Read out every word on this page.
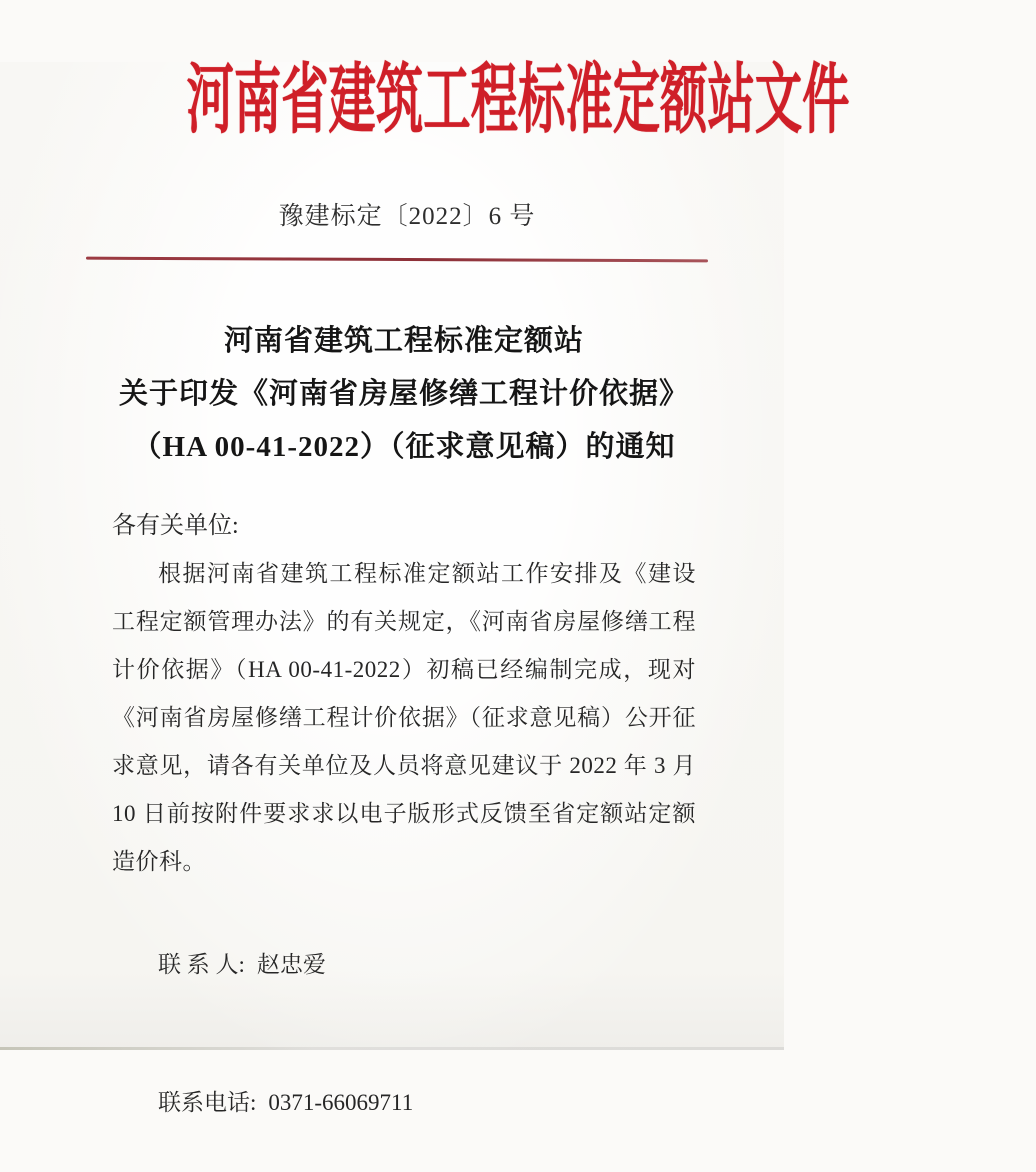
河南省建筑工程标准定额站文件
豫建标定〔2022〕6 号
河南省建筑工程标准定额站
关于印发《河南省房屋修缮工程计价依据》
（HA 00-41-2022）（征求意见稿）的通知
各有关单位:

根据河南省建筑工程标准定额站工作安排及《建设工程定额管理办法》的有关规定，《河南省房屋修缮工程计价依据》（HA 00-41-2022）初稿已经编制完成，现对《河南省房屋修缮工程计价依据》（征求意见稿）公开征求意见，请各有关单位及人员将意见建议于 2022 年 3 月 10 日前按附件要求求以电子版形式反馈至省定额站定额造价科。

联 系 人: 赵忠爱

联系电话: 0371-66069711
